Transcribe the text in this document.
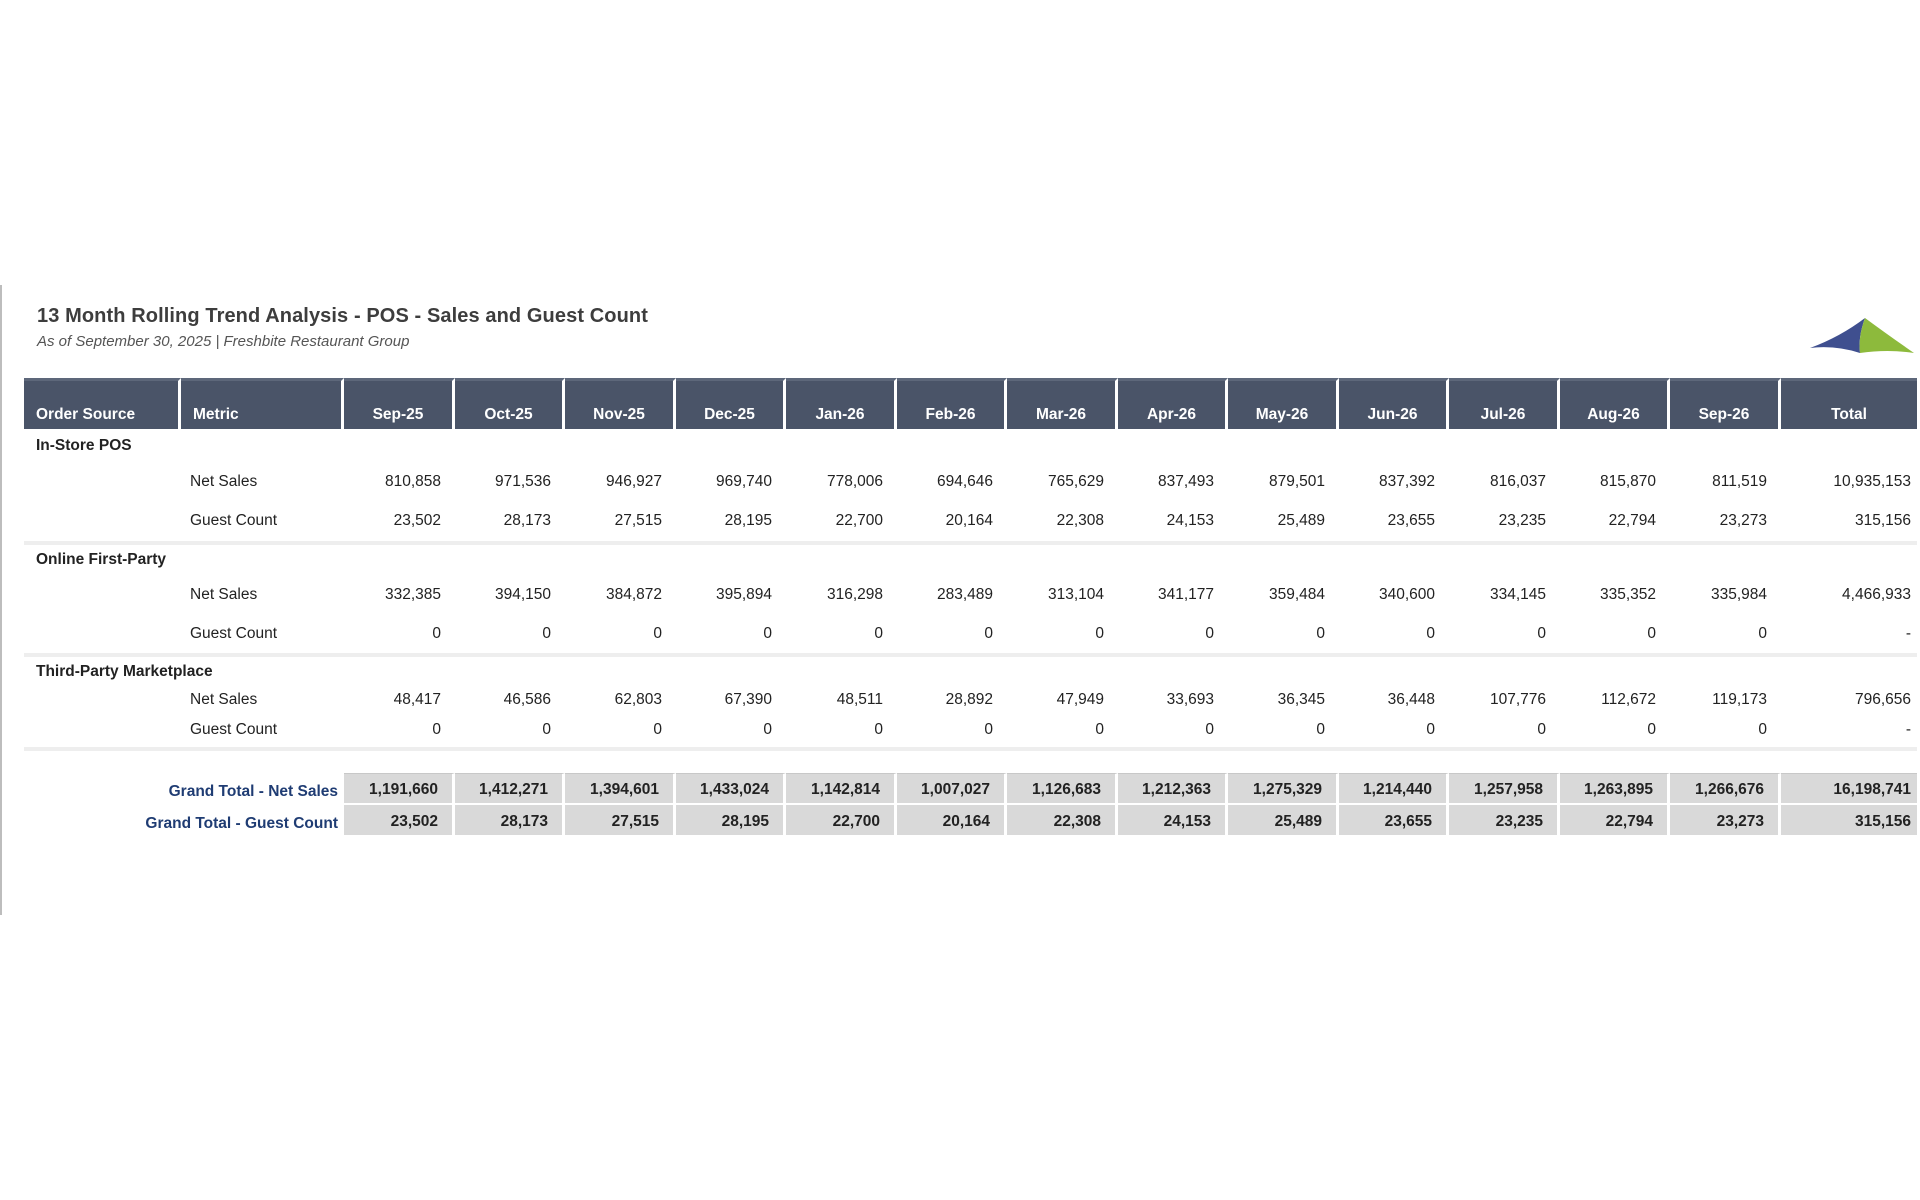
13 Month Rolling Trend Analysis - POS - Sales and Guest Count
As of September 30, 2025 | Freshbite Restaurant Group
Order Source	Metric	Sep-25	Oct-25	Nov-25	Dec-25	Jan-26	Feb-26	Mar-26	Apr-26	May-26	Jun-26	Jul-26	Aug-26	Sep-26	Total
In-Store POS															
	Net Sales	810,858	971,536	946,927	969,740	778,006	694,646	765,629	837,493	879,501	837,392	816,037	815,870	811,519	10,935,153
	Guest Count	23,502	28,173	27,515	28,195	22,700	20,164	22,308	24,153	25,489	23,655	23,235	22,794	23,273	315,156

Online First-Party															
	Net Sales	332,385	394,150	384,872	395,894	316,298	283,489	313,104	341,177	359,484	340,600	334,145	335,352	335,984	4,466,933
	Guest Count	0	0	0	0	0	0	0	0	0	0	0	0	0	-

Third-Party Marketplace															
	Net Sales	48,417	46,586	62,803	67,390	48,511	28,892	47,949	33,693	36,345	36,448	107,776	112,672	119,173	796,656
	Guest Count	0	0	0	0	0	0	0	0	0	0	0	0	0	-

Grand Total - Net Sales		1,191,660	1,412,271	1,394,601	1,433,024	1,142,814	1,007,027	1,126,683	1,212,363	1,275,329	1,214,440	1,257,958	1,263,895	1,266,676	16,198,741
Grand Total - Guest Count		23,502	28,173	27,515	28,195	22,700	20,164	22,308	24,153	25,489	23,655	23,235	22,794	23,273	315,156
